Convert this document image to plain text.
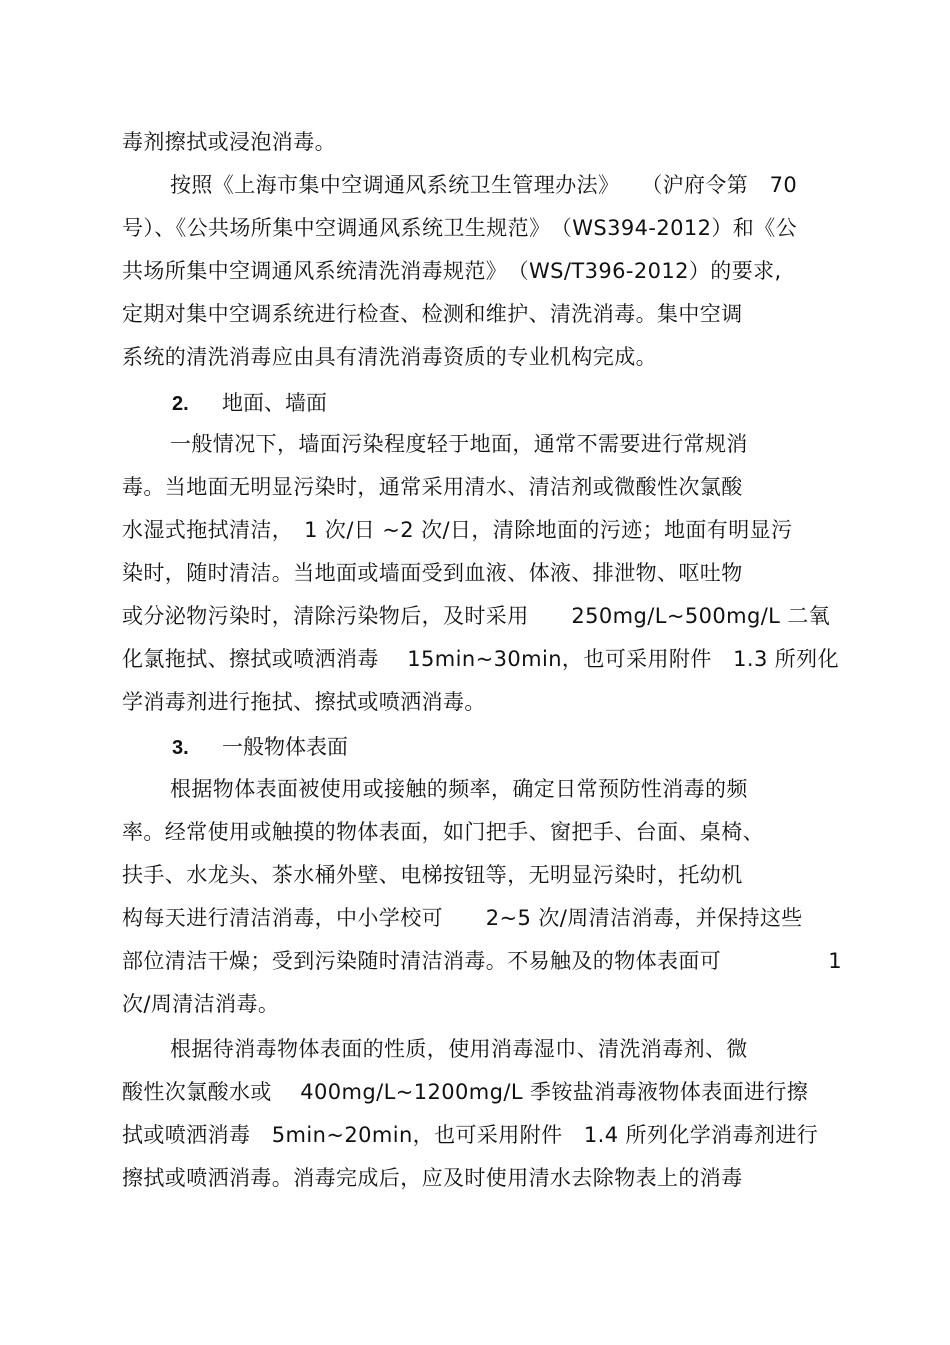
毒剂擦拭或浸泡消毒。
按照《上海市集中空调通风系统卫生管理办法》　　（沪府令第　70
号）、《公共场所集中空调通风系统卫生规范》　（WS394-2012）和《公
共场所集中空调通风系统清洗消毒规范》　（WS/T396-2012）的要求,
定期对集中空调系统进行检查、检测和维护、清洗消毒。集中空调
系统的清洗消毒应由具有清洗消毒资质的专业机构完成。
2. 地面、墙面
一般情况下，墙面污染程度轻于地面，通常不需要进行常规消
毒。当地面无明显污染时，通常采用清水、清洁剂或微酸性次氯酸
水湿式拖拭清洁，　1 次/日 ~2 次/日，清除地面的污迹；地面有明显污
染时，随时清洁。当地面或墙面受到血液、体液、排泄物、呕吐物
或分泌物污染时，清除污染物后，及时采用　　250mg/L~500mg/L 二氧
化氯拖拭、擦拭或喷洒消毒　 15min~30min，也可采用附件　1.3 所列化
学消毒剂进行拖拭、擦拭或喷洒消毒。
3. 一般物体表面
根据物体表面被使用或接触的频率，确定日常预防性消毒的频
率。经常使用或触摸的物体表面，如门把手、窗把手、台面、桌椅、
扶手、水龙头、茶水桶外壁、电梯按钮等，无明显污染时，托幼机
构每天进行清洁消毒，中小学校可　　2~5 次/周清洁消毒，并保持这些
部位清洁干燥；受到污染随时清洁消毒。不易触及的物体表面可　　　　　1
次/周清洁消毒。
根据待消毒物体表面的性质，使用消毒湿巾、清洗消毒剂、微
酸性次氯酸水或　 400mg/L~1200mg/L 季铵盐消毒液物体表面进行擦
拭或喷洒消毒　5min~20min，也可采用附件　1.4 所列化学消毒剂进行
擦拭或喷洒消毒。消毒完成后，应及时使用清水去除物表上的消毒
